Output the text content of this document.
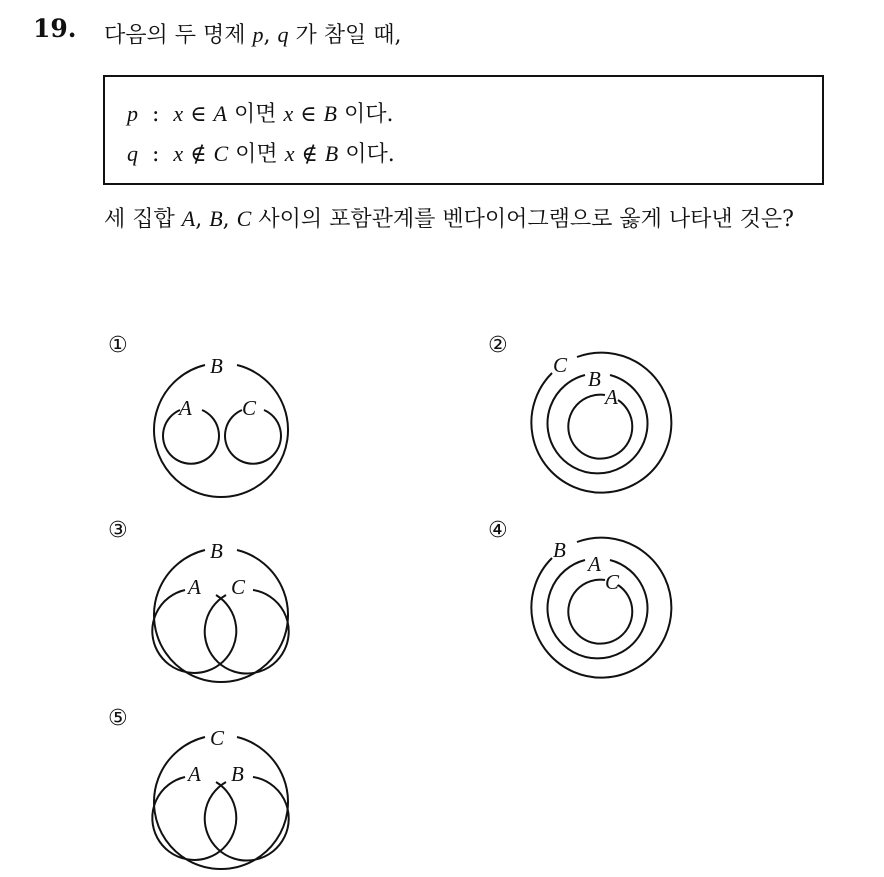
19. 다음의 두 명제 p, q 가 참일 때,
p : x ∈ A 이면 x ∈ B 이다.
q : x ∉ C 이면 x ∉ B 이다.
세 집합 A, B, C 사이의 포함관계를 벤다이어그램으로 옳게 나타낸 것은?
①
B
A C
②
C
B
A
③
B
A C
④
B
A
C
⑤
C
A B
